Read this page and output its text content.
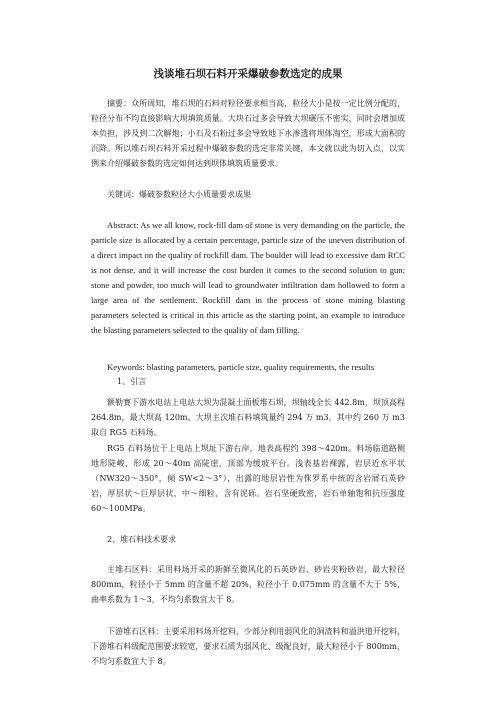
浅谈堆石坝石料开采爆破参数选定的成果
摘要：众所周知，堆石坝的石料对粒径要求相当高，粒径大小是按一定比例分配的，粒径分布不均直接影响大坝填筑质量。大块石过多会导致大坝碾压不密实，同时会增加成本负担，涉及到二次解炮；小石及石粉过多会导致地下水渗透将坝体淘空，形成大面积的沉降。所以堆石坝石料开采过程中爆破参数的选定非常关键，本文就以此为切入点，以实例来介绍爆破参数的选定如何达到坝体填筑质量要求。
关键词：爆破参数粒径大小质量要求成果
Abstract: As we all know, rock-fill dam of stone is very demanding on the particle, the particle size is allocated by a certain percentage, particle size of the uneven distribution of a direct impact on the quality of rockfill dam. The boulder will lead to excessive dam RCC is not dense, and it will increase the cost burden it comes to the second solution to gun; stone and powder, too much will lead to groundwater infiltration dam hollowed to form a large area of the settlement. Rockfill dam in the process of stone mining blasting parameters selected is critical in this article as the starting point, an example to introduce the blasting parameters selected to the quality of dam filling.
Keywords: blasting parameters, particle size, quality requirements, the results
1、引言
额勒赛下游水电站上电站大坝为混凝土面板堆石坝，坝轴线全长 442.8m，坝顶高程 264.8m，最大坝高 120m。大坝主次堆石料填筑量约 294 万 m3，其中约 260 万 m3 取自 RG5 石料场。
RG5 石料场位于上电站上坝址下游右岸，地表高程约 398～420m。料场临道路侧地形陡峻，形成 20～40m 高陡崖，顶部为缓坡平台。浅表基岩裸露，岩层近水平状（NW320～350°，倾 SW<2～3°），出露的地层岩性为侏罗系中统的含岩屑石英砂岩，厚层状～巨厚层状，中～细粒，含有泥砾。岩石坚硬致密，岩石单轴饱和抗压强度 60～100MPa。
2、堆石料技术要求
主堆石区料：采用料场开采的新鲜至微风化的石英砂岩、砂岩夹粉砂岩，最大粒径 800mm，粒径小于 5mm 的含量不超 20%，粒径小于 0.075mm 的含量不大于 5%，曲率系数为 1～3，不均匀系数宜大于 8。
下游堆石区料：主要采用料场开挖料，少部分利用弱风化的洞渣料和溢洪道开挖料，下游堆石料级配范围要求较宽，要求石质为弱风化、级配良好，最大粒径小于 800mm，不均匀系数宜大于 8。
